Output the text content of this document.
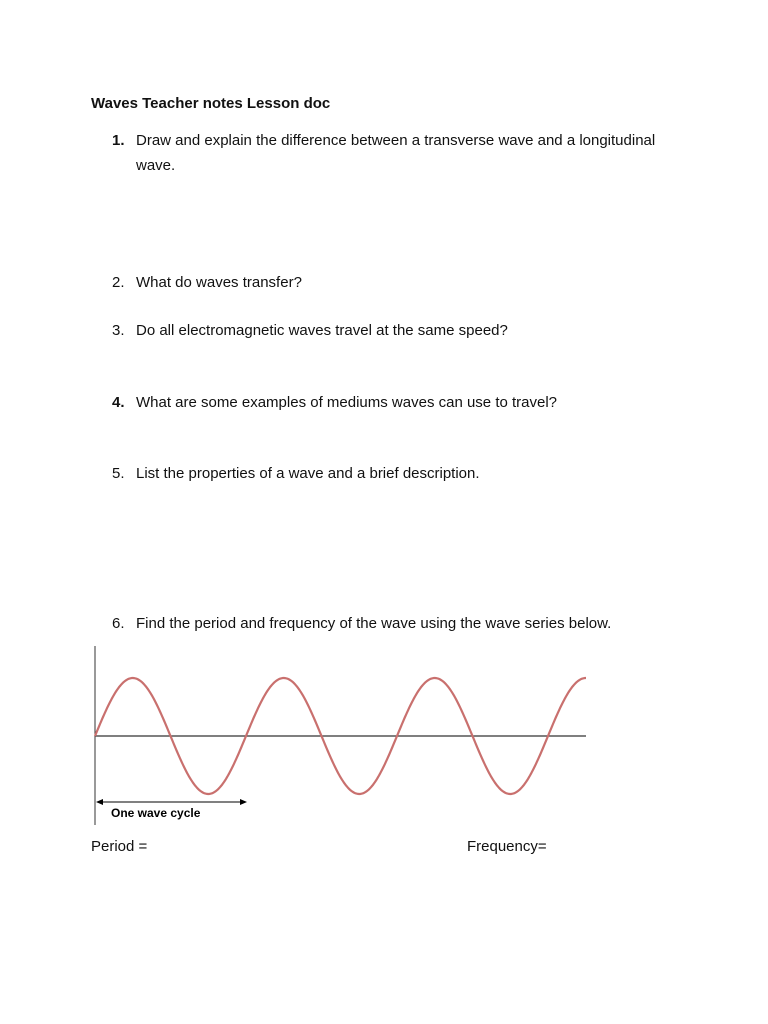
Waves Teacher notes Lesson doc
1. Draw and explain the difference between a transverse wave and a longitudinal wave.
2. What do waves transfer?
3. Do all electromagnetic waves travel at the same speed?
4. What are some examples of mediums waves can use to travel?
5. List the properties of a wave and a brief description.
6. Find the period and frequency of the wave using the wave series below.
One wave cycle
Period =	Frequency=
